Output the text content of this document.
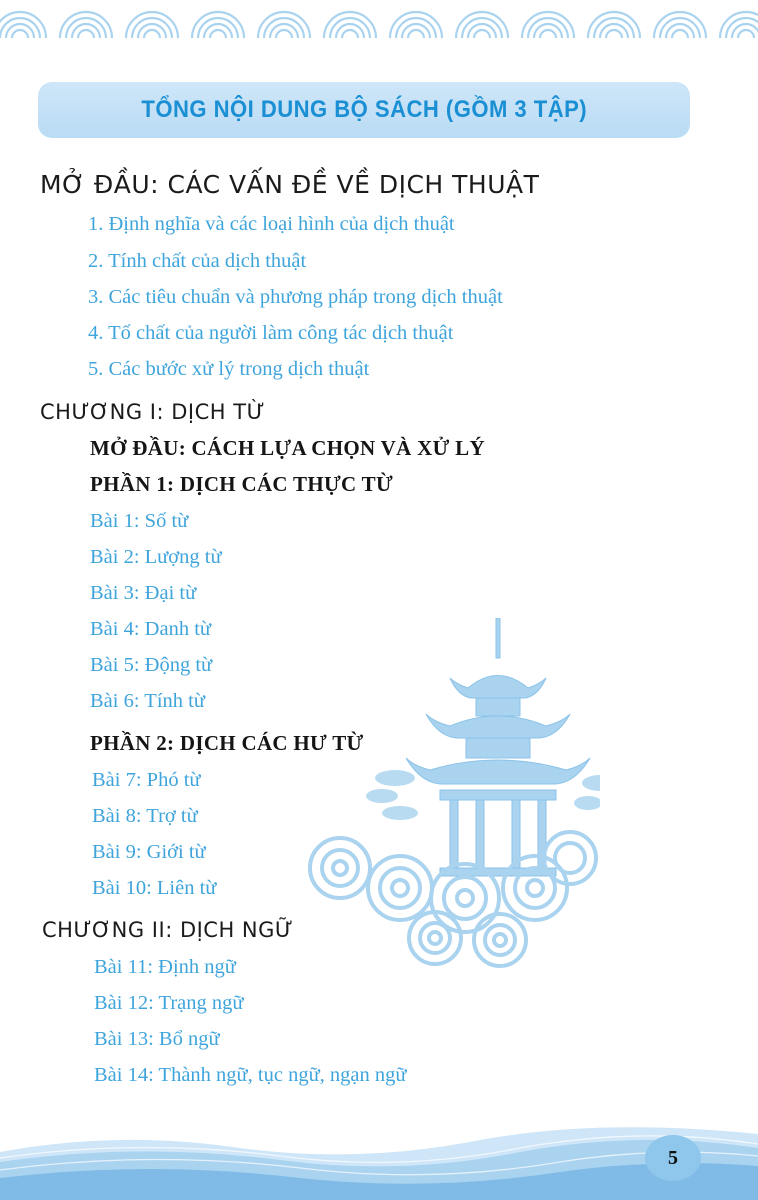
TỔNG NỘI DUNG BỘ SÁCH (GỒM 3 TẬP)
MỞ ĐẦU: CÁC VẤN ĐỀ VỀ DỊCH THUẬT
1. Định nghĩa và các loại hình của dịch thuật
2. Tính chất của dịch thuật
3. Các tiêu chuẩn và phương pháp trong dịch thuật
4. Tố chất của người làm công tác dịch thuật
5. Các bước xử lý trong dịch thuật
CHƯƠNG I: DỊCH TỪ
MỞ ĐẦU: CÁCH LỰA CHỌN VÀ XỬ LÝ
PHẦN 1: DỊCH CÁC THỰC TỪ
Bài 1: Số từ
Bài 2: Lượng từ
Bài 3: Đại từ
Bài 4: Danh từ
Bài 5: Động từ
Bài 6: Tính từ
PHẦN 2: DỊCH CÁC HƯ TỪ
Bài 7: Phó từ
Bài 8: Trợ từ
Bài 9: Giới từ
Bài 10: Liên từ
CHƯƠNG II: DỊCH NGỮ
Bài 11: Định ngữ
Bài 12: Trạng ngữ
Bài 13: Bổ ngữ
Bài 14: Thành ngữ, tục ngữ, ngạn ngữ
5
